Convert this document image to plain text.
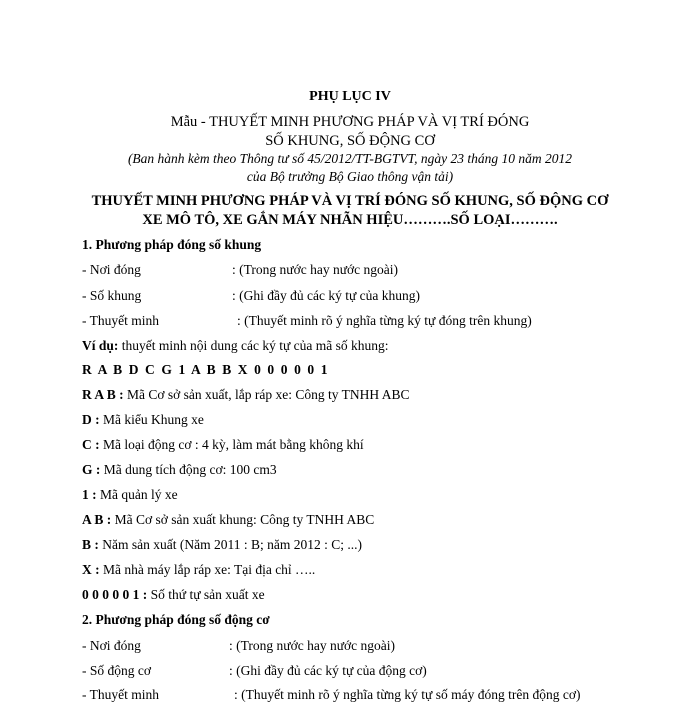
PHỤ LỤC IV
Mẫu - THUYẾT MINH PHƯƠNG PHÁP VÀ VỊ TRÍ ĐÓNG
SỐ KHUNG, SỐ ĐỘNG CƠ
(Ban hành kèm theo Thông tư số 45/2012/TT-BGTVT, ngày 23 tháng 10 năm 2012
của Bộ trưởng Bộ Giao thông vận tải)
THUYẾT MINH PHƯƠNG PHÁP VÀ VỊ TRÍ ĐÓNG SỐ KHUNG, SỐ ĐỘNG CƠ
XE MÔ TÔ, XE GẮN MÁY NHÃN HIỆU……….SỐ LOẠI……….
1. Phương pháp đóng số khung
- Nơi đóng	: (Trong nước hay nước ngoài)
- Số khung	: (Ghi đầy đủ các ký tự của khung)
- Thuyết minh	: (Thuyết minh rõ ý nghĩa từng ký tự đóng trên khung)
Ví dụ: thuyết minh nội dung các ký tự của mã số khung:
R A B D C G 1 A B B X 0 0 0 0 0 1
R A B : Mã Cơ sở sản xuất, lắp ráp xe: Công ty TNHH ABC
D : Mã kiểu Khung xe
C : Mã loại động cơ : 4 kỳ, làm mát bằng không khí
G : Mã dung tích động cơ: 100 cm3
1 : Mã quản lý xe
A B : Mã Cơ sở sản xuất khung: Công ty TNHH ABC
B : Năm sản xuất (Năm 2011 : B; năm 2012 : C; ...)
X : Mã nhà máy lắp ráp xe: Tại địa chỉ …..
0 0 0 0 0 1 : Số thứ tự sản xuất xe
2. Phương pháp đóng số động cơ
- Nơi đóng	: (Trong nước hay nước ngoài)
- Số động cơ	: (Ghi đầy đủ các ký tự của động cơ)
- Thuyết minh	: (Thuyết minh rõ ý nghĩa từng ký tự số máy đóng trên động cơ)
